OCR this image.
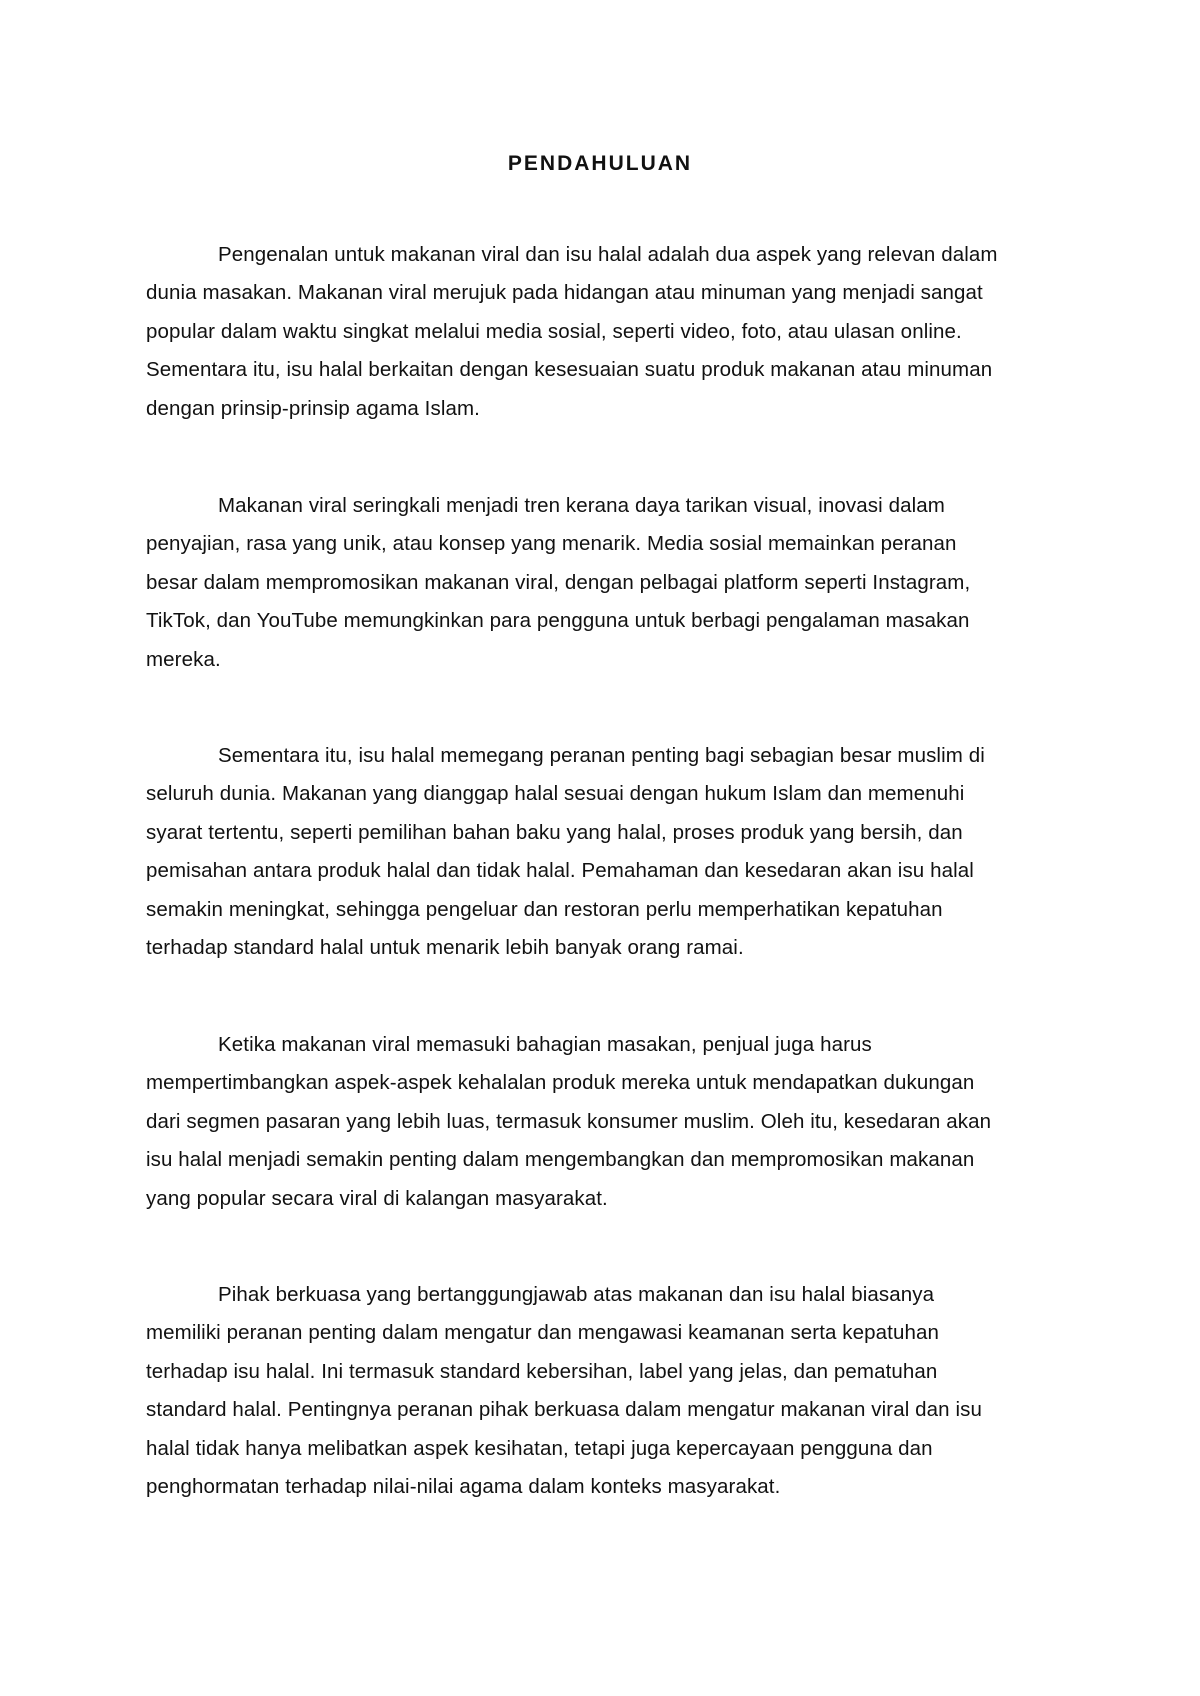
PENDAHULUAN

Pengenalan untuk makanan viral dan isu halal adalah dua aspek yang relevan dalam
dunia masakan. Makanan viral merujuk pada hidangan atau minuman yang menjadi sangat
popular dalam waktu singkat melalui media sosial, seperti video, foto, atau ulasan online.
Sementara itu, isu halal berkaitan dengan kesesuaian suatu produk makanan atau minuman
dengan prinsip-prinsip agama Islam.

Makanan viral seringkali menjadi tren kerana daya tarikan visual, inovasi dalam
penyajian, rasa yang unik, atau konsep yang menarik. Media sosial memainkan peranan
besar dalam mempromosikan makanan viral, dengan pelbagai platform seperti Instagram,
TikTok, dan YouTube memungkinkan para pengguna untuk berbagi pengalaman masakan
mereka.

Sementara itu, isu halal memegang peranan penting bagi sebagian besar muslim di
seluruh dunia. Makanan yang dianggap halal sesuai dengan hukum Islam dan memenuhi
syarat tertentu, seperti pemilihan bahan baku yang halal, proses produk yang bersih, dan
pemisahan antara produk halal dan tidak halal. Pemahaman dan kesedaran akan isu halal
semakin meningkat, sehingga pengeluar dan restoran perlu memperhatikan kepatuhan
terhadap standard halal untuk menarik lebih banyak orang ramai.

Ketika makanan viral memasuki bahagian masakan, penjual juga harus
mempertimbangkan aspek-aspek kehalalan produk mereka untuk mendapatkan dukungan
dari segmen pasaran yang lebih luas, termasuk konsumer muslim. Oleh itu, kesedaran akan
isu halal menjadi semakin penting dalam mengembangkan dan mempromosikan makanan
yang popular secara viral di kalangan masyarakat.

Pihak berkuasa yang bertanggungjawab atas makanan dan isu halal biasanya
memiliki peranan penting dalam mengatur dan mengawasi keamanan serta kepatuhan
terhadap isu halal. Ini termasuk standard kebersihan, label yang jelas, dan pematuhan
standard halal. Pentingnya peranan pihak berkuasa dalam mengatur makanan viral dan isu
halal tidak hanya melibatkan aspek kesihatan, tetapi juga kepercayaan pengguna dan
penghormatan terhadap nilai-nilai agama dalam konteks masyarakat.
